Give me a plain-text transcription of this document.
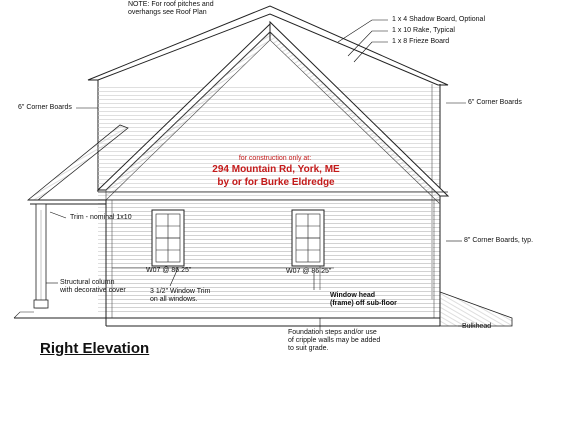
NOTE: For roof pitches and
overhangs see Roof Plan
1 x 4 Shadow Board, Optional
1 x 10 Rake, Typical
1 x 8 Frieze Board
6" Corner Boards
6" Corner Boards
8" Corner Boards, typ.
Trim - nominal 1x10
Structural column
with decorative cover
W07 @ 86.25"	W07 @ 86.25"
3 1/2" Window Trim
on all windows.
Window head
(frame) off sub-floor
Foundation steps and/or use
of cripple walls may be added
to suit grade.
Bulkhead
for construction only at:
294 Mountain Rd, York, ME
by or for Burke Eldredge
Right Elevation
